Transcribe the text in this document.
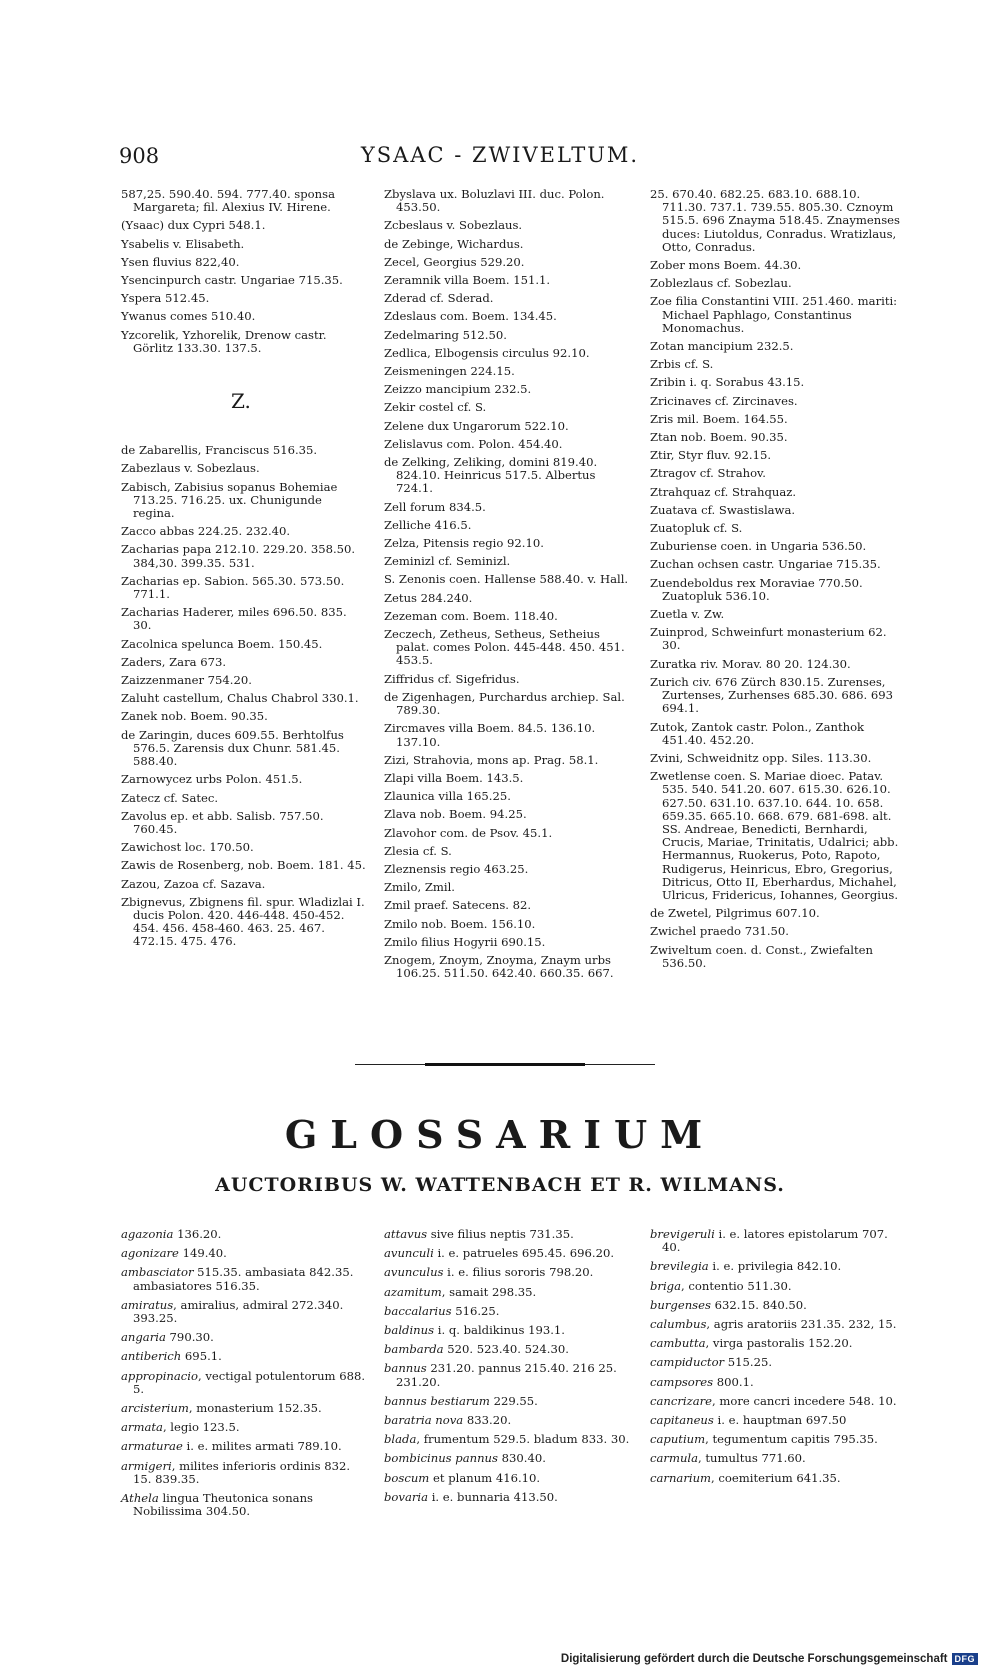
908	YSAAC - ZWIVELTUM.
587,25. 590.40. 594. 777.40. sponsa Margareta; fil. Alexius IV. Hirene.
(Ysaac) dux Cypri 548.1.
Ysabelis v. Elisabeth.
Ysen fluvius 822,40.
Ysencinpurch castr. Ungariae 715.35.
Yspera 512.45.
Ywanus comes 510.40.
Yzcorelik, Yzhorelik, Drenow castr. Görlitz 133.30. 137.5.
Z.
de Zabarellis, Franciscus 516.35.
Zabezlaus v. Sobezlaus.
Zabisch, Zabisius sopanus Bohemiae 713.25. 716.25. ux. Chunigunde regina.
Zacco abbas 224.25. 232.40.
Zacharias papa 212.10. 229.20. 358.50. 384,30. 399.35. 531.
Zacharias ep. Sabion. 565.30. 573.50. 771.1.
Zacharias Haderer, miles 696.50. 835. 30.
Zacolnica spelunca Boem. 150.45.
Zaders, Zara 673.
Zaizzenmaner 754.20.
Zaluht castellum, Chalus Chabrol 330.1.
Zanek nob. Boem. 90.35.
de Zaringin, duces 609.55. Berhtolfus 576.5. Zarensis dux Chunr. 581.45. 588.40.
Zarnowycez urbs Polon. 451.5.
Zatecz cf. Satec.
Zavolus ep. et abb. Salisb. 757.50. 760.45.
Zawichost loc. 170.50.
Zawis de Rosenberg, nob. Boem. 181. 45.
Zazou, Zazoa cf. Sazava.
Zbignevus, Zbignens fil. spur. Wladizlai I. ducis Polon. 420. 446-448. 450-452. 454. 456. 458-460. 463. 25. 467. 472.15. 475. 476.
Zbyslava ux. Boluzlavi III. duc. Polon. 453.50.
Zcbeslaus v. Sobezlaus.
de Zebinge, Wichardus.
Zecel, Georgius 529.20.
Zeramnik villa Boem. 151.1.
Zderad cf. Sderad.
Zdeslaus com. Boem. 134.45.
Zedelmaring 512.50.
Zedlica, Elbogensis circulus 92.10.
Zeismeningen 224.15.
Zeizzo mancipium 232.5.
Zekir costel cf. S.
Zelene dux Ungarorum 522.10.
Zelislavus com. Polon. 454.40.
de Zelking, Zeliking, domini 819.40. 824.10. Heinricus 517.5. Albertus 724.1.
Zell forum 834.5.
Zelliche 416.5.
Zelza, Pitensis regio 92.10.
Zeminizl cf. Seminizl.
S. Zenonis coen. Hallense 588.40. v. Hall.
Zetus 284.240.
Zezeman com. Boem. 118.40.
Zeczech, Zetheus, Setheus, Setheius palat. comes Polon. 445-448. 450. 451. 453.5.
Ziffridus cf. Sigefridus.
de Zigenhagen, Purchardus archiep. Sal. 789.30.
Zircmaves villa Boem. 84.5. 136.10. 137.10.
Zizi, Strahovia, mons ap. Prag. 58.1.
Zlapi villa Boem. 143.5.
Zlaunica villa 165.25.
Zlava nob. Boem. 94.25.
Zlavohor com. de Psov. 45.1.
Zlesia cf. S.
Zleznensis regio 463.25.
Zmilo, Zmil.
Zmil praef. Satecens. 82.
Zmilo nob. Boem. 156.10.
Zmilo filius Hogyrii 690.15.
Znogem, Znoym, Znoyma, Znaym urbs 106.25. 511.50. 642.40. 660.35. 667.
25. 670.40. 682.25. 683.10. 688.10. 711.30. 737.1. 739.55. 805.30. Cznoym 515.5. 696 Znayma 518.45. Znaymenses duces: Liutoldus, Conradus. Wratizlaus, Otto, Conradus.
Zober mons Boem. 44.30.
Zoblezlaus cf. Sobezlau.
Zoe filia Constantini VIII. 251.460. mariti: Michael Paphlago, Constantinus Monomachus.
Zotan mancipium 232.5.
Zrbis cf. S.
Zribin i. q. Sorabus 43.15.
Zricinaves cf. Zircinaves.
Zris mil. Boem. 164.55.
Ztan nob. Boem. 90.35.
Ztir, Styr fluv. 92.15.
Ztragov cf. Strahov.
Ztrahquaz cf. Strahquaz.
Zuatava cf. Swastislawa.
Zuatopluk cf. S.
Zuburiense coen. in Ungaria 536.50.
Zuchan ochsen castr. Ungariae 715.35.
Zuendeboldus rex Moraviae 770.50. Zuatopluk 536.10.
Zuetla v. Zw.
Zuinprod, Schweinfurt monasterium 62. 30.
Zuratka riv. Morav. 80 20. 124.30.
Zurich civ. 676 Zürch 830.15. Zurenses, Zurtenses, Zurhenses 685.30. 686. 693 694.1.
Zutok, Zantok castr. Polon., Zanthok 451.40. 452.20.
Zvini, Schweidnitz opp. Siles. 113.30.
Zwetlense coen. S. Mariae dioec. Patav. 535. 540. 541.20. 607. 615.30. 626.10. 627.50. 631.10. 637.10. 644. 10. 658. 659.35. 665.10. 668. 679. 681-698. alt. SS. Andreae, Benedicti, Bernhardi, Crucis, Mariae, Trinitatis, Udalrici; abb. Hermannus, Ruokerus, Poto, Rapoto, Rudigerus, Heinricus, Ebro, Gregorius, Ditricus, Otto II, Eberhardus, Michahel, Ulricus, Fridericus, Iohannes, Georgius.
de Zwetel, Pilgrimus 607.10.
Zwichel praedo 731.50.
Zwiveltum coen. d. Const., Zwiefalten 536.50.
GLOSSARIUM
AUCTORIBUS W. WATTENBACH ET R. WILMANS.
agazonia 136.20.
agonizare 149.40.
ambasciator 515.35. ambasiata 842.35. ambasiatores 516.35.
amiratus, amiralius, admiral 272.340. 393.25.
angaria 790.30.
antiberich 695.1.
appropinacio, vectigal potulentorum 688. 5.
arcisterium, monasterium 152.35.
armata, legio 123.5.
armaturae i. e. milites armati 789.10.
armigeri, milites inferioris ordinis 832. 15. 839.35.
Athela lingua Theutonica sonans Nobilissima 304.50.
attavus sive filius neptis 731.35.
avunculi i. e. patrueles 695.45. 696.20.
avunculus i. e. filius sororis 798.20.
azamitum, samait 298.35.
baccalarius 516.25.
baldinus i. q. baldikinus 193.1.
bambarda 520. 523.40. 524.30.
bannus 231.20. pannus 215.40. 216 25. 231.20.
bannus bestiarum 229.55.
baratria nova 833.20.
blada, frumentum 529.5. bladum 833. 30.
bombicinus pannus 830.40.
boscum et planum 416.10.
bovaria i. e. bunnaria 413.50.
brevigeruli i. e. latores epistolarum 707. 40.
brevilegia i. e. privilegia 842.10.
briga, contentio 511.30.
burgenses 632.15. 840.50.
calumbus, agris aratoriis 231.35. 232, 15.
cambutta, virga pastoralis 152.20.
campiductor 515.25.
campsores 800.1.
cancrizare, more cancri incedere 548. 10.
capitaneus i. e. hauptman 697.50
caputium, tegumentum capitis 795.35.
carmula, tumultus 771.60.
carnarium, coemiterium 641.35.
Digitalisierung gefördert durch die Deutsche Forschungsgemeinschaft DFG
